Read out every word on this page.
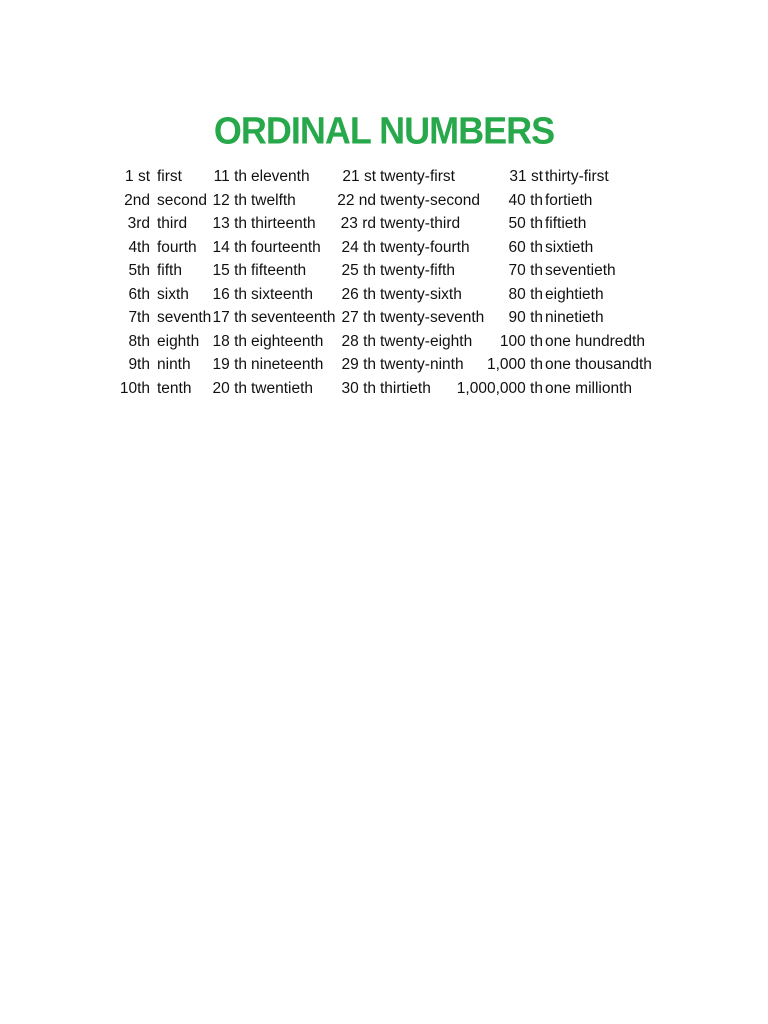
ORDINAL NUMBERS
1 st first
2nd second
3rd third
4th fourth
5th fifth
6th sixth
7th seventh
8th eighth
9th ninth
10th tenth
11 th eleventh
12 th twelfth
13 th thirteenth
14 th fourteenth
15 th fifteenth
16 th sixteenth
17 th seventeenth
18 th eighteenth
19 th nineteenth
20 th twentieth
21 st twenty-first
22 nd twenty-second
23 rd twenty-third
24 th twenty-fourth
25 th twenty-fifth
26 th twenty-sixth
27 th twenty-seventh
28 th twenty-eighth
29 th twenty-ninth
30 th thirtieth
31 st thirty-first
40 th fortieth
50 th fiftieth
60 th sixtieth
70 th seventieth
80 th eightieth
90 th ninetieth
100 th one hundredth
1,000 th one thousandth
1,000,000 th one millionth
